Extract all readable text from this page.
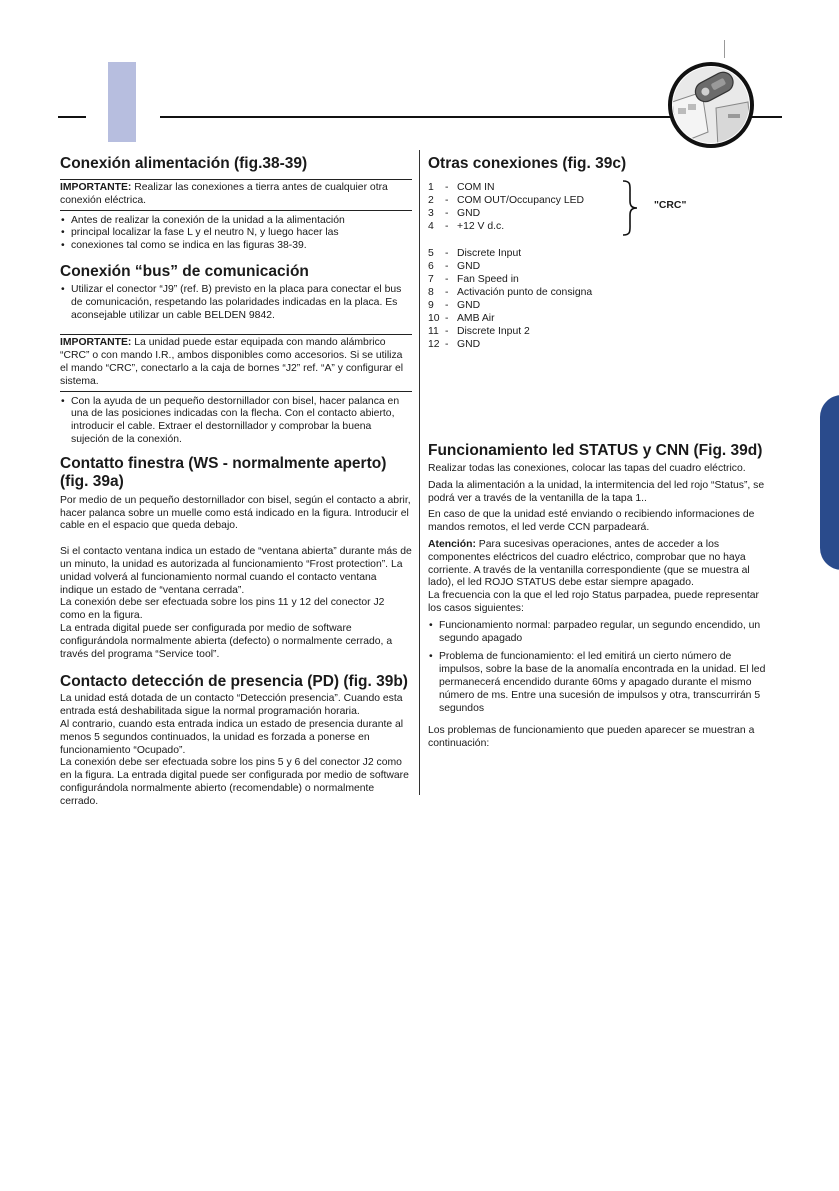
Conexión alimentación (fig.38-39)

IMPORTANTE: Realizar las conexiones a tierra antes de cualquier otra conexión eléctrica.

• Antes de realizar la conexión de la unidad a la alimentación
• principal localizar la fase L y el neutro N, y luego hacer las
• conexiones tal como se indica en las figuras 38-39.
Conexión “bus” de comunicación
• Utilizar el conector “J9” (ref. B) previsto en la placa para conectar el bus de comunicación, respetando las polaridades indicadas en la placa. Es aconsejable utilizar un cable BELDEN 9842.

IMPORTANTE: La unidad puede estar equipada con mando alámbrico “CRC” o con mando I.R., ambos disponibles como accesorios. Si se utiliza el mando “CRC”, conectarlo a la caja de bornes “J2” ref. “A” y configurar el sistema.

• Con la ayuda de un pequeño destornillador con bisel, hacer palanca en una de las posiciones indicadas con la flecha. Con el contacto abierto, introducir el cable. Extraer el destornillador y comprobar la buena sujeción de la conexión.
Contatto finestra (WS - normalmente aperto) (fig. 39a)

Por medio de un pequeño destornillador con bisel, según el contacto a abrir, hacer palanca sobre un muelle como está indicado en la figura. Introducir el cable en el espacio que queda debajo.

Si el contacto ventana indica un estado de “ventana abierta” durante más de un minuto, la unidad es autorizada al funcionamiento “Frost protection”. La unidad volverá al funcionamiento normal cuando el contacto ventana indique un estado de “ventana cerrada”.

La conexión debe ser efectuada sobre los pins 11 y 12 del conector J2 como en la figura.

La entrada digital puede ser configurada por medio de software configurándola normalmente abierta (defecto) o normalmente cerrado, a través del programa “Service tool”.

Contacto detección de presencia (PD) (fig. 39b)

La unidad está dotada de un contacto “Detección presencia”. Cuando esta entrada está deshabilitada sigue la normal programación horaria.

Al contrario, cuando esta entrada indica un estado de presencia durante al menos 5 segundos continuados, la unidad es forzada a ponerse en funcionamiento “Ocupado”.

La conexión debe ser efectuada sobre los pins 5 y 6 del conector J2 como en la figura. La entrada digital puede ser configurada por medio de software configurándola normalmente abierto (recomendable) o normalmente cerrado.

Otras conexiones (fig. 39c)
1	- COM IN
2	- COM OUT/Occupancy LED
3	- GND
4	- +12 V d.c.
"CRC"
5	- Discrete Input
6	- GND
7	- Fan Speed in
8	- Activación punto de consigna
9	- GND
10 - AMB Air
11 - Discrete Input 2
12 - GND
Funcionamiento led STATUS y CNN (Fig. 39d)

Realizar todas las conexiones, colocar las tapas del cuadro eléctrico.

Dada la alimentación a la unidad, la intermitencia del led rojo “Status”, se podrá ver a través de la ventanilla de la tapa 1..

En caso de que la unidad esté enviando o recibiendo informaciones de mandos remotos, el led verde CCN parpadeará.

Atención: Para sucesivas operaciones, antes de acceder a los componentes eléctricos del cuadro eléctrico, comprobar que no haya corriente. A través de la ventanilla correspondiente (que se muestra al lado), el led ROJO STATUS debe estar siempre apagado.

La frecuencia con la que el led rojo Status parpadea, puede representar los casos siguientes:

• Funcionamiento normal: parpadeo regular, un segundo encendido, un segundo apagado
• Problema de funcionamiento: el led emitirá un cierto número de impulsos, sobre la base de la anomalía encontrada en la unidad. El led permanecerá encendido durante 60ms y apagado durante el mismo número de ms. Entre una sucesión de impulsos y otra, transcurrirán 5 segundos

Los problemas de funcionamiento que pueden aparecer se muestran a continuación:
